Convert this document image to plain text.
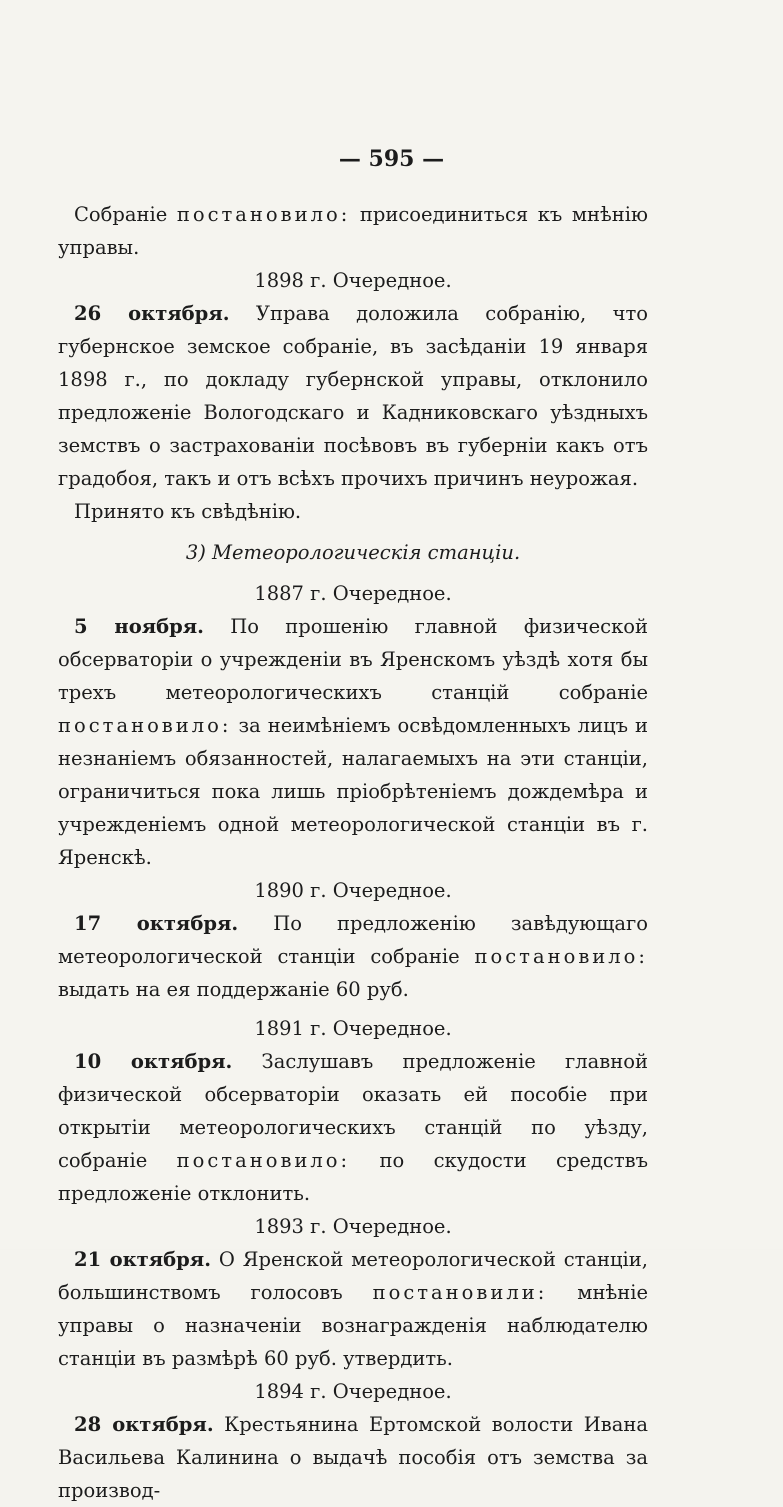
— 595 —

Собраніе постановило: присоединиться къ мнѣнію управы.

1898 г. Очередное.

26 октября. Управа доложила собранію, что губернское земское собраніе, въ засѣданіи 19 января 1898 г., по докладу губернской управы, отклонило предложеніе Вологодскаго и Кадниковскаго уѣздныхъ земствъ о застрахованіи посѣвовъ въ губерніи какъ отъ градобоя, такъ и отъ всѣхъ прочихъ причинъ неурожая.

Принято къ свѣдѣнію.

3) Метеорологическія станціи.

1887 г. Очередное.

5 ноября. По прошенію главной физической обсерваторіи о учрежденіи въ Яренскомъ уѣздѣ хотя бы трехъ метеорологическихъ станцій собраніе постановило: за неимѣніемъ освѣдомленныхъ лицъ и незнаніемъ обязанностей, налагаемыхъ на эти станціи, ограничиться пока лишь пріобрѣтеніемъ дождемѣра и учрежденіемъ одной метеорологической станціи въ г. Яренскѣ.

1890 г. Очередное.

17 октября. По предложенію завѣдующаго метеорологической станціи собраніе постановило: выдать на ея поддержаніе 60 руб.

1891 г. Очередное.

10 октября. Заслушавъ предложеніе главной физической обсерваторіи оказать ей пособіе при открытіи метеорологическихъ станцій по уѣзду, собраніе постановило: по скудости средствъ предложеніе отклонить.

1893 г. Очередное.

21 октября. О Яренской метеорологической станціи, большинствомъ голосовъ постановили: мнѣніе управы о назначеніи вознагражденія наблюдателю станціи въ размѣрѣ 60 руб. утвердить.

1894 г. Очередное.

28 октября. Крестьянина Ертомской волости Ивана Васильева Калинина о выдачѣ пособія отъ земства за производ-
